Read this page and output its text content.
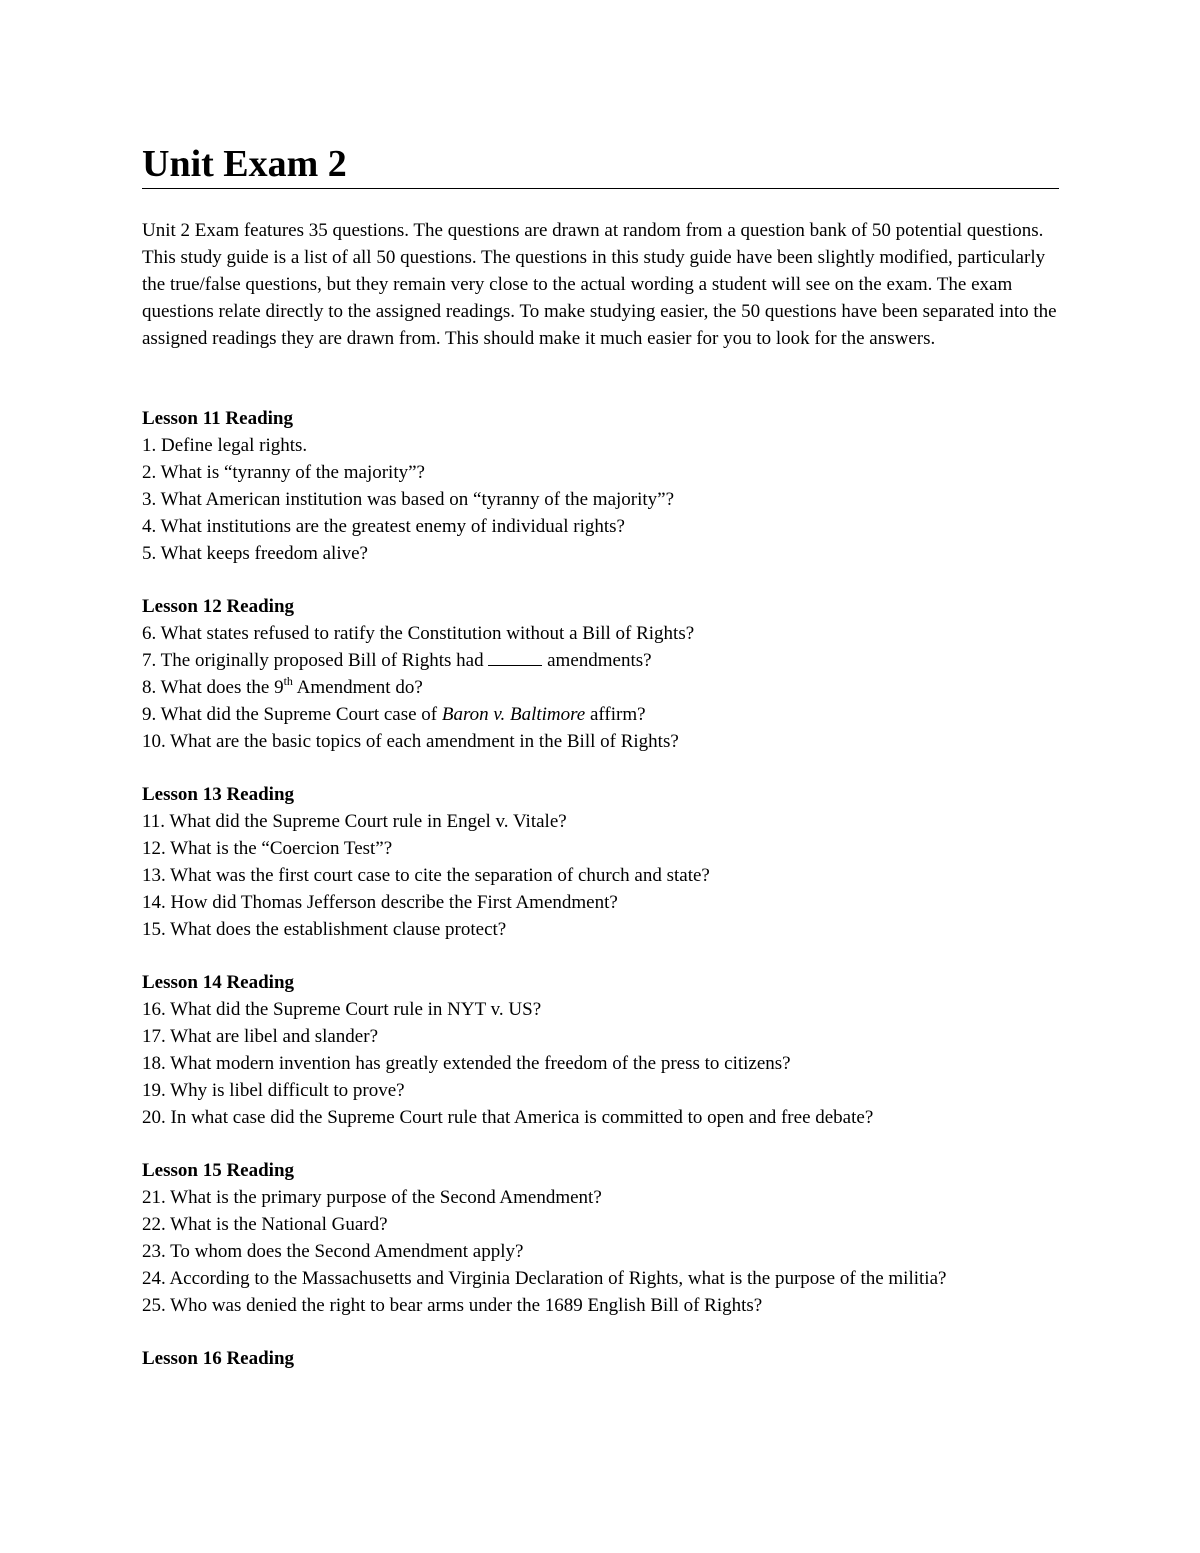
Unit Exam 2

Unit 2 Exam features 35 questions. The questions are drawn at random from a question bank of 50 potential questions. This study guide is a list of all 50 questions. The questions in this study guide have been slightly modified, particularly the true/false questions, but they remain very close to the actual wording a student will see on the exam. The exam questions relate directly to the assigned readings. To make studying easier, the 50 questions have been separated into the assigned readings they are drawn from. This should make it much easier for you to look for the answers.

Lesson 11 Reading
1. Define legal rights.
2. What is “tyranny of the majority”?
3. What American institution was based on “tyranny of the majority”?
4. What institutions are the greatest enemy of individual rights?
5. What keeps freedom alive?
Lesson 12 Reading
6. What states refused to ratify the Constitution without a Bill of Rights?
7. The originally proposed Bill of Rights had	amendments?
8. What does the 9th Amendment do?
9. What did the Supreme Court case of Baron v. Baltimore affirm?
10. What are the basic topics of each amendment in the Bill of Rights?
Lesson 13 Reading
11. What did the Supreme Court rule in Engel v. Vitale?
12. What is the “Coercion Test”?
13. What was the first court case to cite the separation of church and state?
14. How did Thomas Jefferson describe the First Amendment?
15. What does the establishment clause protect?
Lesson 14 Reading
16. What did the Supreme Court rule in NYT v. US?
17. What are libel and slander?
18. What modern invention has greatly extended the freedom of the press to citizens?
19. Why is libel difficult to prove?
20. In what case did the Supreme Court rule that America is committed to open and free debate?
Lesson 15 Reading
21. What is the primary purpose of the Second Amendment?
22. What is the National Guard?
23. To whom does the Second Amendment apply?
24. According to the Massachusetts and Virginia Declaration of Rights, what is the purpose of the militia?
25. Who was denied the right to bear arms under the 1689 English Bill of Rights?
Lesson 16 Reading
